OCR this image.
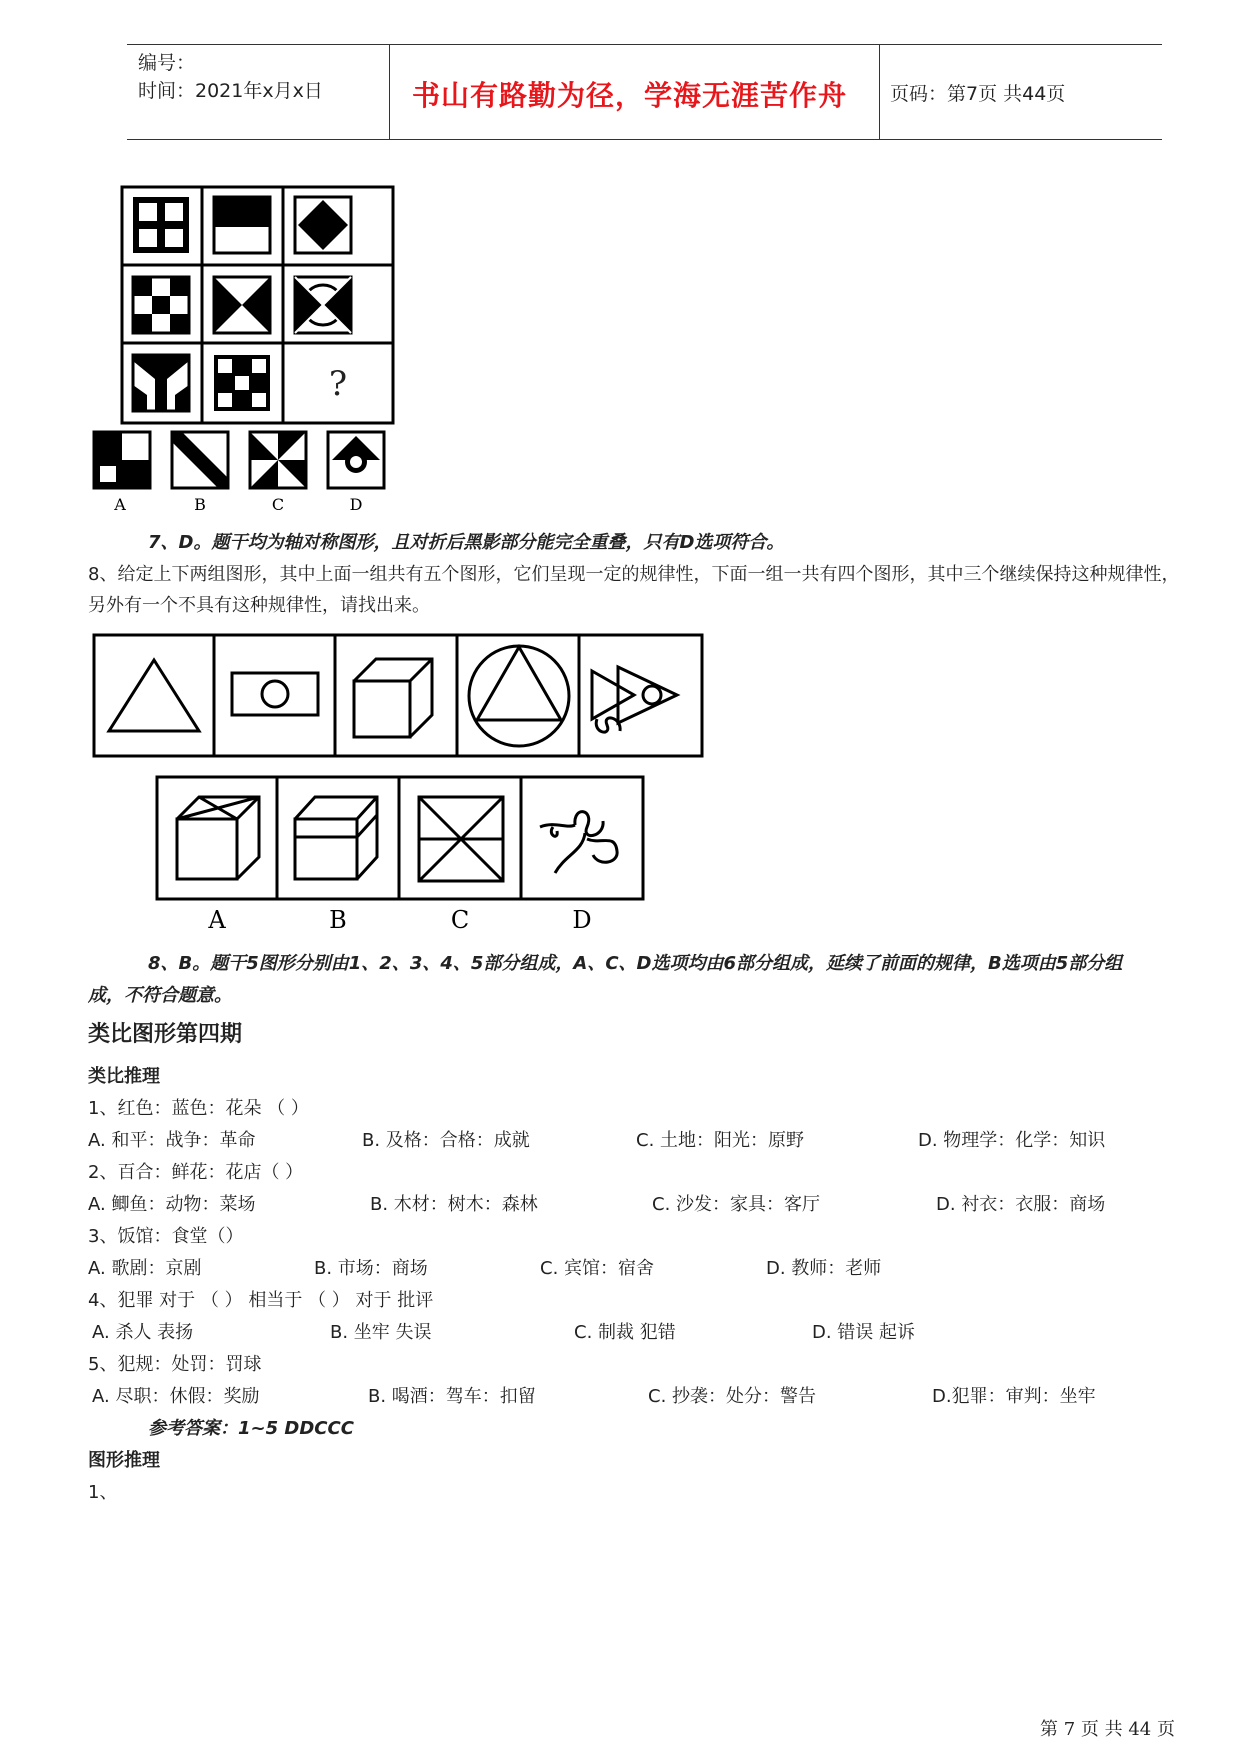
编号：
时间：2021年x月x日	书山有路勤为径，学海无涯苦作舟 页码：第7页 共44页
?
A	B	C	D
7、D。题干均为轴对称图形，且对折后黑影部分能完全重叠，只有D选项符合。
8、给定上下两组图形，其中上面一组共有五个图形，它们呈现一定的规律性，下面一组一共有四个图形，其中三个继续保持这种规律性，
另外有一个不具有这种规律性，请找出来。
A	B	C	D
8、B。题干5图形分别由1、2、3、4、5部分组成，A、C、D选项均由6部分组成，延续了前面的规律，B选项由5部分组
成，不符合题意。
类比图形第四期
类比推理
1、红色：蓝色：花朵 （ ）
A. 和平：战争：革命	B. 及格：合格：成就	C. 土地：阳光：原野	D. 物理学：化学：知识
2、百合：鲜花：花店（ ）
A. 鲫鱼：动物：菜场	B. 木材：树木：森林	C. 沙发：家具：客厅	D. 衬衣：衣服：商场
3、饭馆：食堂（）
A. 歌剧：京剧	B. 市场：商场	C. 宾馆：宿舍	D. 教师：老师
4、犯罪 对于 （ ） 相当于 （ ） 对于 批评
A. 杀人 表扬	B. 坐牢 失误	C. 制裁 犯错	D. 错误 起诉
5、犯规：处罚：罚球
A. 尽职：休假：奖励	B. 喝酒：驾车：扣留	C. 抄袭：处分：警告	D.犯罪：审判：坐牢
参考答案：1~5 DDCCC
图形推理
1、
第 7 页 共 44 页
